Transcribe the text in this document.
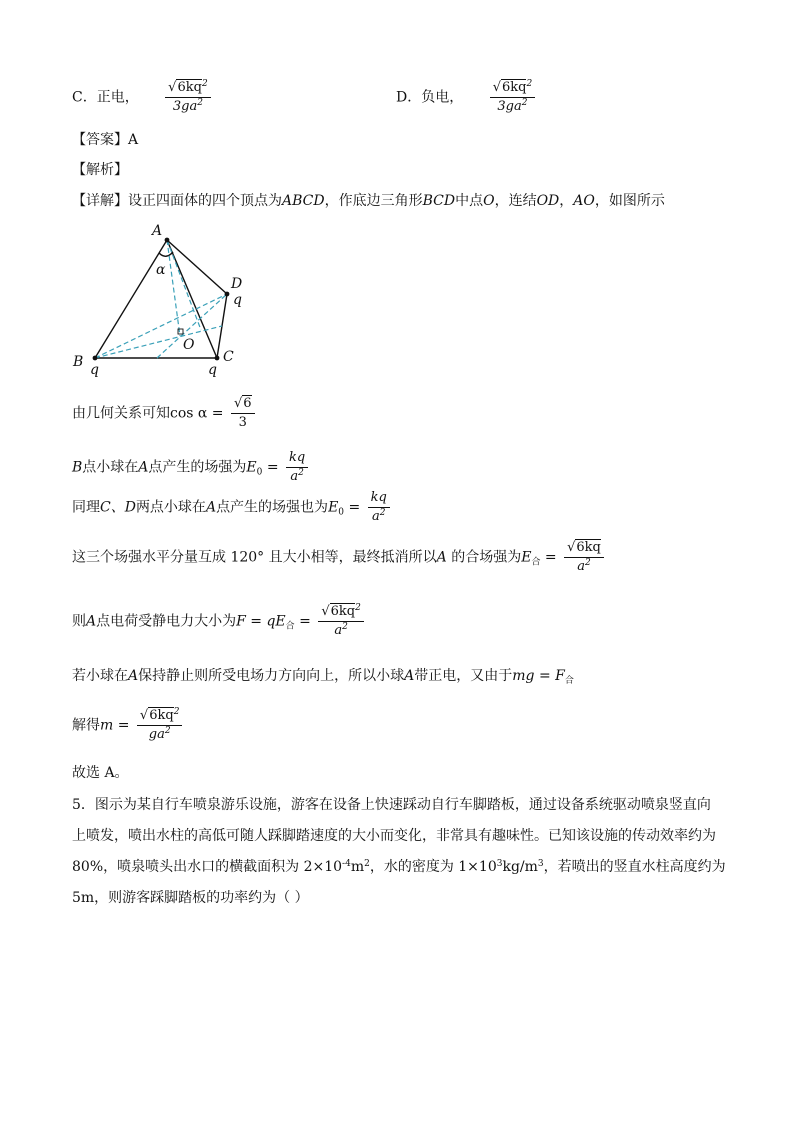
C．正电， $\frac{√6kq^2}{3ga^2}$	D．负电， $\frac{√6kq^2}{3ga^2}$
【答案】A
【解析】
【详解】设正四面体的四个顶点为ABCD，作底边三角形BCD中点O，连结OD，AO，如图所示
A
B	C
D
O
α
q	q
q
由几何关系可知$\cos \alpha = \frac{√6}{3}$
B点小球在A点产生的场强为$E_0 = \frac{kq}{a^2}$
同理C、D两点小球在A点产生的场强也为$E_0 = \frac{kq}{a^2}$
这三个场强水平分量互成 120° 且大小相等，最终抵消所以A 的合场强为$E_合 = \frac{√6kq}{a^2}$
则A点电荷受静电力大小为$F = qE_合 = \frac{√6kq^2}{a^2}$
若小球在A保持静止则所受电场力方向向上，所以小球A带正电，又由于mg = $F_合$
解得$m = \frac{√6kq^2}{ga^2}$
故选 A。
5．图示为某自行车喷泉游乐设施，游客在设备上快速踩动自行车脚踏板，通过设备系统驱动喷泉竖直向
上喷发，喷出水柱的高低可随人踩脚踏速度的大小而变化，非常具有趣味性。已知该设施的传动效率约为
80%，喷泉喷头出水口的横截面积为 $2\times 10^{-4}m^2$，水的密度为 $1\times 10^3kg/m^3$，若喷出的竖直水柱高度约为
5m，则游客踩脚踏板的功率约为（ ）
